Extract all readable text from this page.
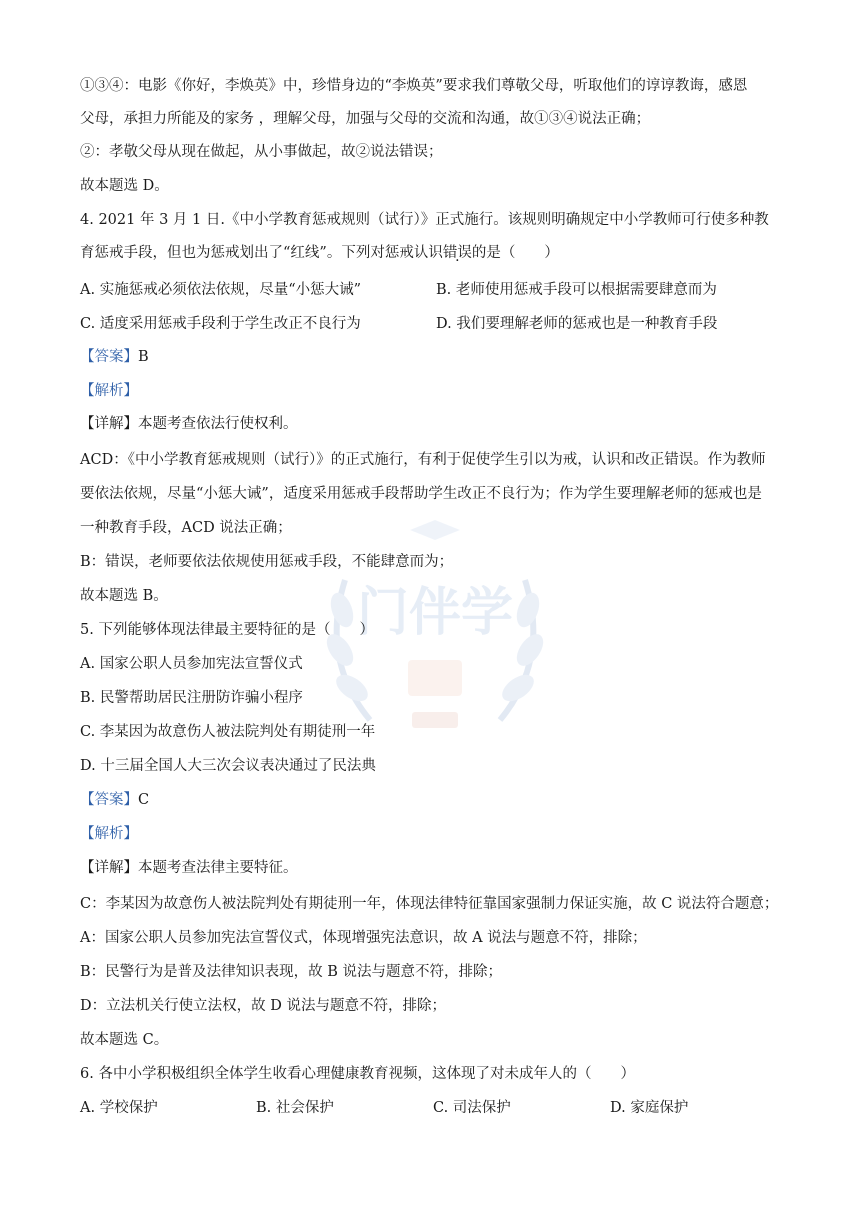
门伴学
①③④：电影《你好，李焕英》中，珍惜身边的“李焕英”要求我们尊敬父母，听取他们的谆谆教诲，感恩
父母，承担力所能及的家务 ，理解父母，加强与父母的交流和沟通，故①③④说法正确；
②：孝敬父母从现在做起，从小事做起，故②说法错误；
故本题选 D。
4. 2021 年 3 月 1 日.《中小学教育惩戒规则（试行）》正式施行。该规则明确规定中小学教师可行使多种教
育惩戒手段，但也为惩戒划出了“红线”。下列对惩戒认识错误的是（　　）
A. 实施惩戒必须依法依规，尽量“小惩大诫”	B. 老师使用惩戒手段可以根据需要肆意而为
C. 适度采用惩戒手段利于学生改正不良行为	D. 我们要理解老师的惩戒也是一种教育手段
【答案】B
【解析】
【详解】本题考查依法行使权利。
ACD：《中小学教育惩戒规则（试行）》的正式施行，有利于促使学生引以为戒，认识和改正错误。作为教师
要依法依规，尽量“小惩大诫”，适度采用惩戒手段帮助学生改正不良行为；作为学生要理解老师的惩戒也是
一种教育手段，ACD 说法正确；
B：错误，老师要依法依规使用惩戒手段，不能肆意而为；
故本题选 B。
5. 下列能够体现法律最主要特征的是（　　）
A. 国家公职人员参加宪法宣誓仪式
B. 民警帮助居民注册防诈骗小程序
C. 李某因为故意伤人被法院判处有期徒刑一年
D. 十三届全国人大三次会议表决通过了民法典
【答案】C
【解析】
【详解】本题考查法律主要特征。
C：李某因为故意伤人被法院判处有期徒刑一年，体现法律特征靠国家强制力保证实施，故 C 说法符合题意；
A：国家公职人员参加宪法宣誓仪式，体现增强宪法意识，故 A 说法与题意不符，排除；
B：民警行为是普及法律知识表现，故 B 说法与题意不符，排除；
D：立法机关行使立法权，故 D 说法与题意不符，排除；
故本题选 C。
6. 各中小学积极组织全体学生收看心理健康教育视频，这体现了对未成年人的（　　）
A. 学校保护	B. 社会保护	C. 司法保护	D. 家庭保护
